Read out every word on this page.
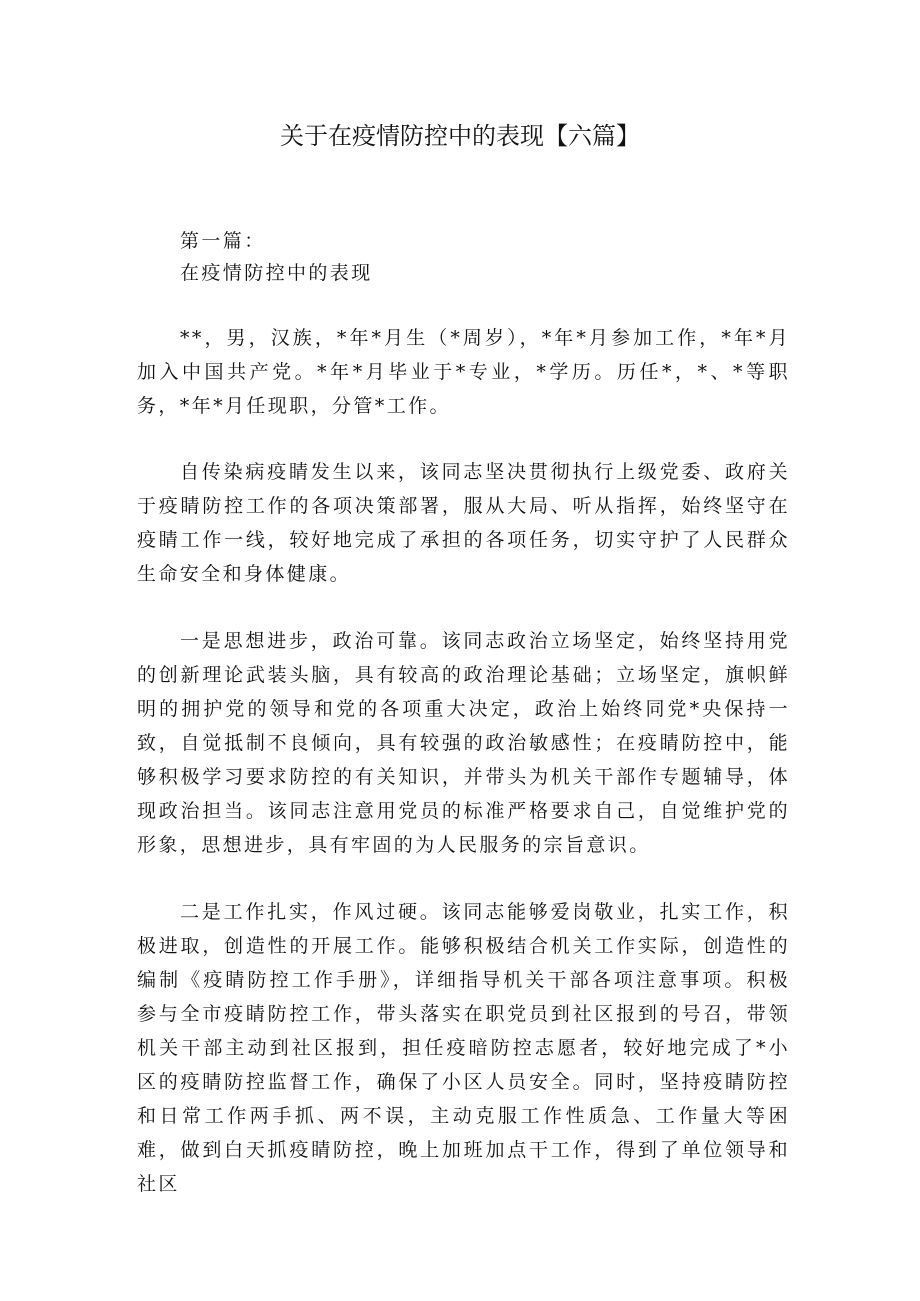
关于在疫情防控中的表现【六篇】

第一篇：

在疫情防控中的表现

**，男，汉族，*年*月生（*周岁），*年*月参加工作，*年*月加入中国共产党。*年*月毕业于*专业，*学历。历任*，*、*等职务，*年*月任现职，分管*工作。

自传染病疫睛发生以来，该同志坚决贯彻执行上级党委、政府关于疫睛防控工作的各项决策部署，服从大局、听从指挥，始终坚守在疫睛工作一线，较好地完成了承担的各项任务，切实守护了人民群众生命安全和身体健康。

一是思想进步，政治可靠。该同志政治立场坚定，始终坚持用党的创新理论武装头脑，具有较高的政治理论基础；立场坚定，旗帜鲜明的拥护党的领导和党的各项重大决定，政治上始终同党*央保持一致，自觉抵制不良倾向，具有较强的政治敏感性；在疫睛防控中，能够积极学习要求防控的有关知识，并带头为机关干部作专题辅导，体现政治担当。该同志注意用党员的标准严格要求自己，自觉维护党的形象，思想进步，具有牢固的为人民服务的宗旨意识。

二是工作扎实，作风过硬。该同志能够爱岗敬业，扎实工作，积极进取，创造性的开展工作。能够积极结合机关工作实际，创造性的编制《疫睛防控工作手册》，详细指导机关干部各项注意事项。积极参与全市疫睛防控工作，带头落实在职党员到社区报到的号召，带领机关干部主动到社区报到，担任疫暗防控志愿者，较好地完成了*小区的疫睛防控监督工作，确保了小区人员安全。同时，坚持疫睛防控和日常工作两手抓、两不误，主动克服工作性质急、工作量大等困难，做到白天抓疫睛防控，晚上加班加点干工作，得到了单位领导和社区
